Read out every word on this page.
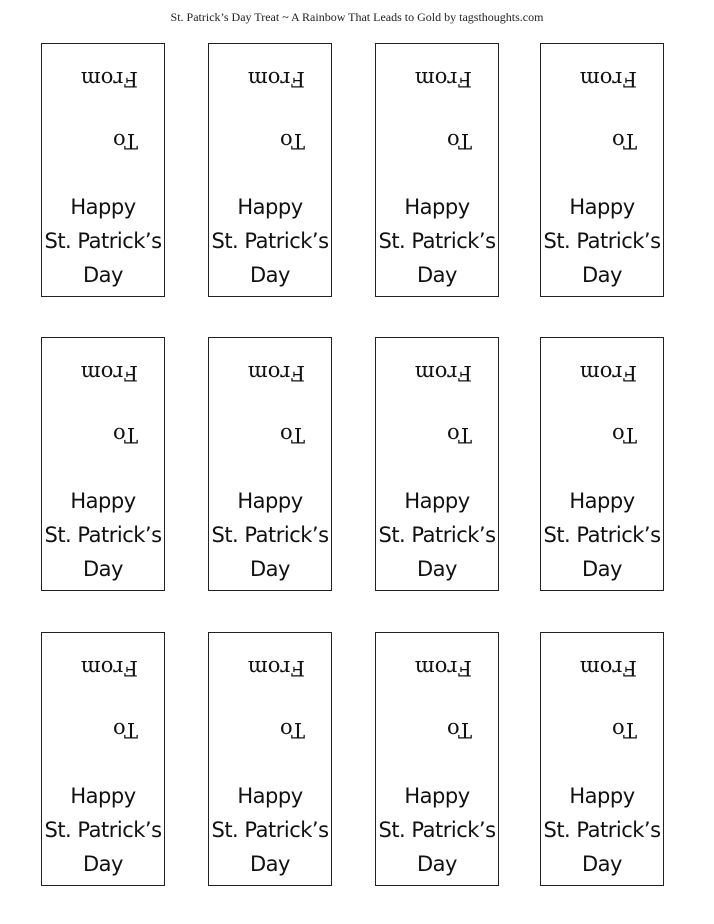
St. Patrick’s Day Treat ~ A Rainbow That Leads to Gold by tagsthoughts.com
From
To
Happy
St. Patrick’s
Day
From
To
Happy
St. Patrick’s
Day
From
To
Happy
St. Patrick’s
Day
From
To
Happy
St. Patrick’s
Day
From
To
Happy
St. Patrick’s
Day
From
To
Happy
St. Patrick’s
Day
From
To
Happy
St. Patrick’s
Day
From
To
Happy
St. Patrick’s
Day
From
To
Happy
St. Patrick’s
Day
From
To
Happy
St. Patrick’s
Day
From
To
Happy
St. Patrick’s
Day
From
To
Happy
St. Patrick’s
Day
